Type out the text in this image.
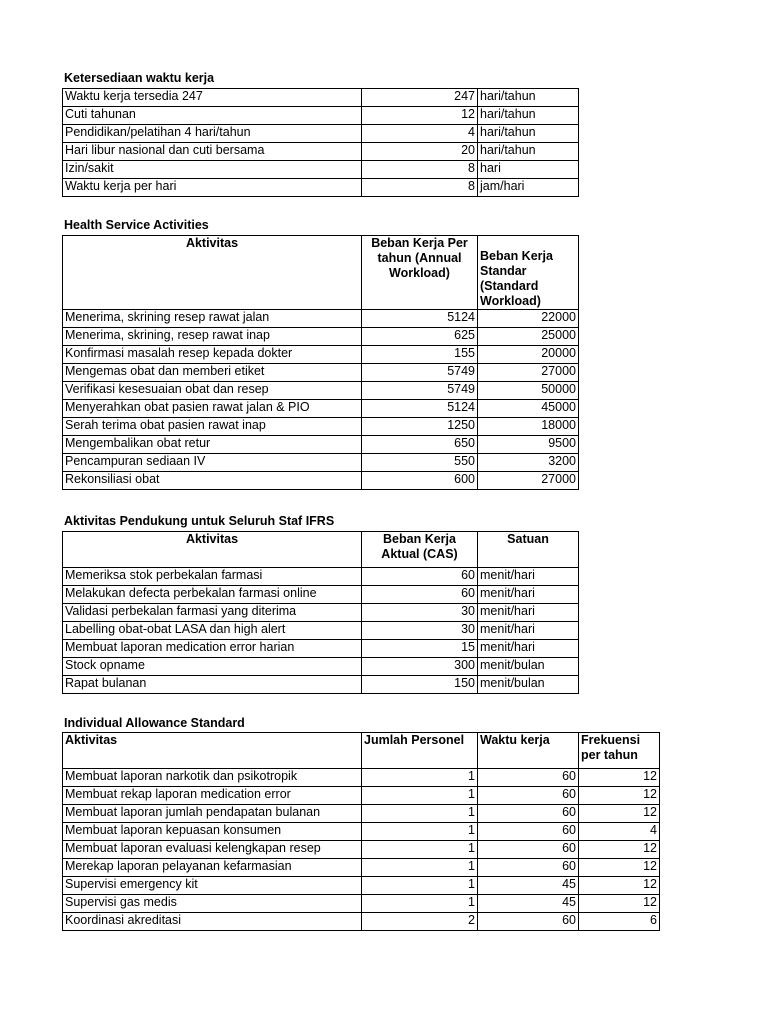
Ketersediaan waktu kerja
Waktu kerja tersedia 247	247	hari/tahun
Cuti tahunan	12	hari/tahun
Pendidikan/pelatihan 4 hari/tahun	4	hari/tahun
Hari libur nasional dan cuti bersama	20	hari/tahun
Izin/sakit	8	hari
Waktu kerja per hari	8	jam/hari
Health Service Activities
Aktivitas	Beban Kerja Per tahun (Annual Workload)	Beban Kerja Standar (Standard Workload)
Menerima, skrining resep rawat jalan	5124	22000
Menerima, skrining, resep rawat inap	625	25000
Konfirmasi masalah resep kepada dokter	155	20000
Mengemas obat dan memberi etiket	5749	27000
Verifikasi kesesuaian obat dan resep	5749	50000
Menyerahkan obat pasien rawat jalan & PIO	5124	45000
Serah terima obat pasien rawat inap	1250	18000
Mengembalikan obat retur	650	9500
Pencampuran sediaan IV	550	3200
Rekonsiliasi obat	600	27000
Aktivitas Pendukung untuk Seluruh Staf IFRS
Aktivitas	Beban Kerja Aktual (CAS)	Satuan
Memeriksa stok perbekalan farmasi	60	menit/hari
Melakukan defecta perbekalan farmasi online	60	menit/hari
Validasi perbekalan farmasi yang diterima	30	menit/hari
Labelling obat-obat LASA dan high alert	30	menit/hari
Membuat laporan medication error harian	15	menit/hari
Stock opname	300	menit/bulan
Rapat bulanan	150	menit/bulan
Individual Allowance Standard
Aktivitas	Jumlah Personel	Waktu kerja	Frekuensi per tahun
Membuat laporan narkotik dan psikotropik	1	60	12
Membuat rekap laporan medication error	1	60	12
Membuat laporan jumlah pendapatan bulanan	1	60	12
Membuat laporan kepuasan konsumen	1	60	4
Membuat laporan evaluasi kelengkapan resep	1	60	12
Merekap laporan pelayanan kefarmasian	1	60	12
Supervisi emergency kit	1	45	12
Supervisi gas medis	1	45	12
Koordinasi akreditasi	2	60	6
